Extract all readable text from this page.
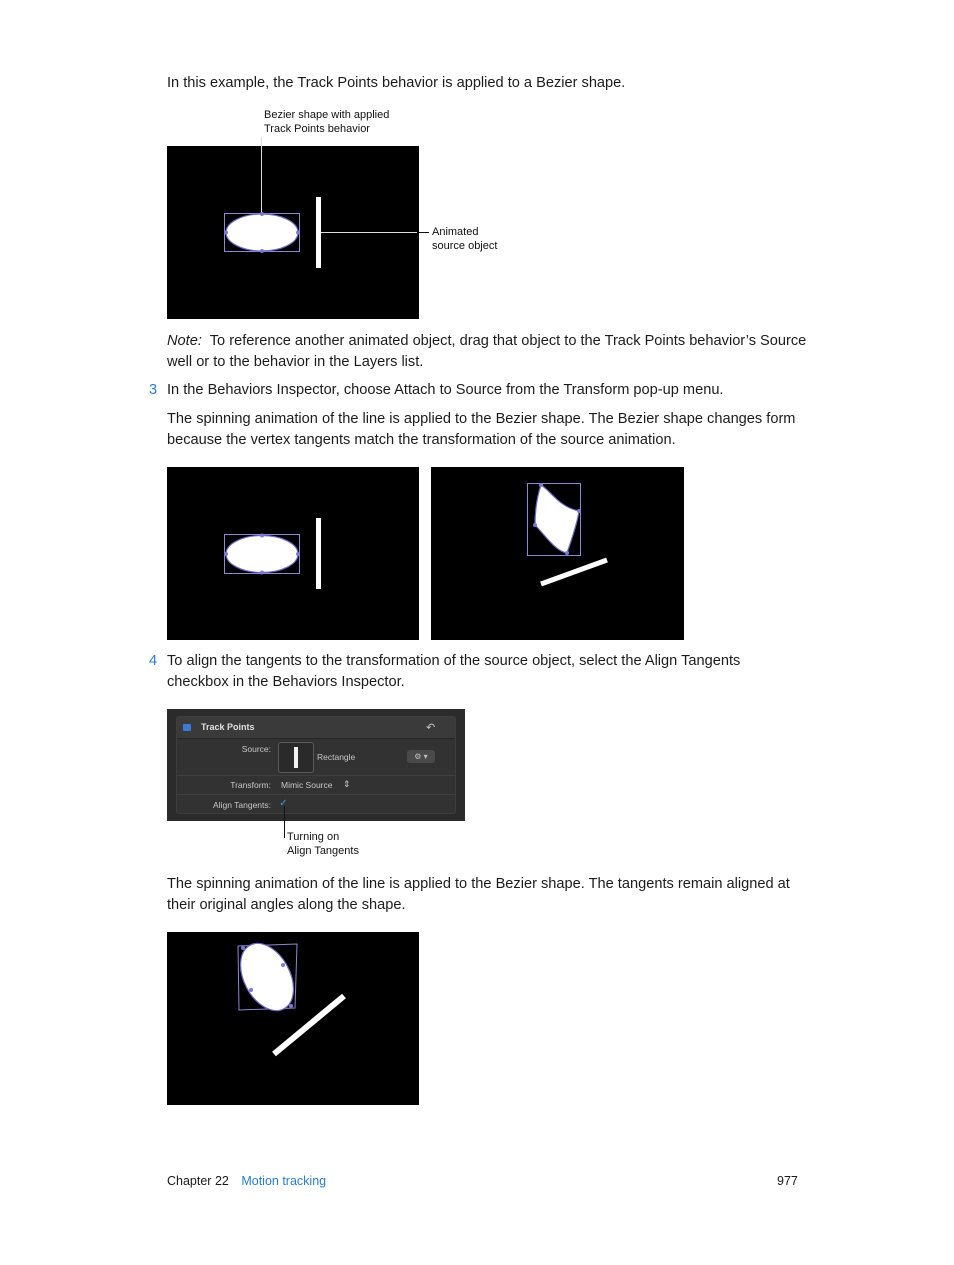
In this example, the Track Points behavior is applied to a Bezier shape.

Bezier shape with applied
Track Points behavior
Animated
source object

Note: To reference another animated object, drag that object to the Track Points behavior’s Source well or to the behavior in the Layers list.

3 In the Behaviors Inspector, choose Attach to Source from the Transform pop-up menu.

The spinning animation of the line is applied to the Bezier shape. The Bezier shape changes form because the vertex tangents match the transformation of the source animation.

4 To align the tangents to the transformation of the source object, select the Align Tangents checkbox in the Behaviors Inspector.

Track Points	↶
Source:
Rectangle	⚙ ▾
Transform: Mimic Source ⇕
Align Tangents: ✓
Turning on
Align Tangents

The spinning animation of the line is applied to the Bezier shape. The tangents remain aligned at their original angles along the shape.

Chapter 22 Motion tracking	977
